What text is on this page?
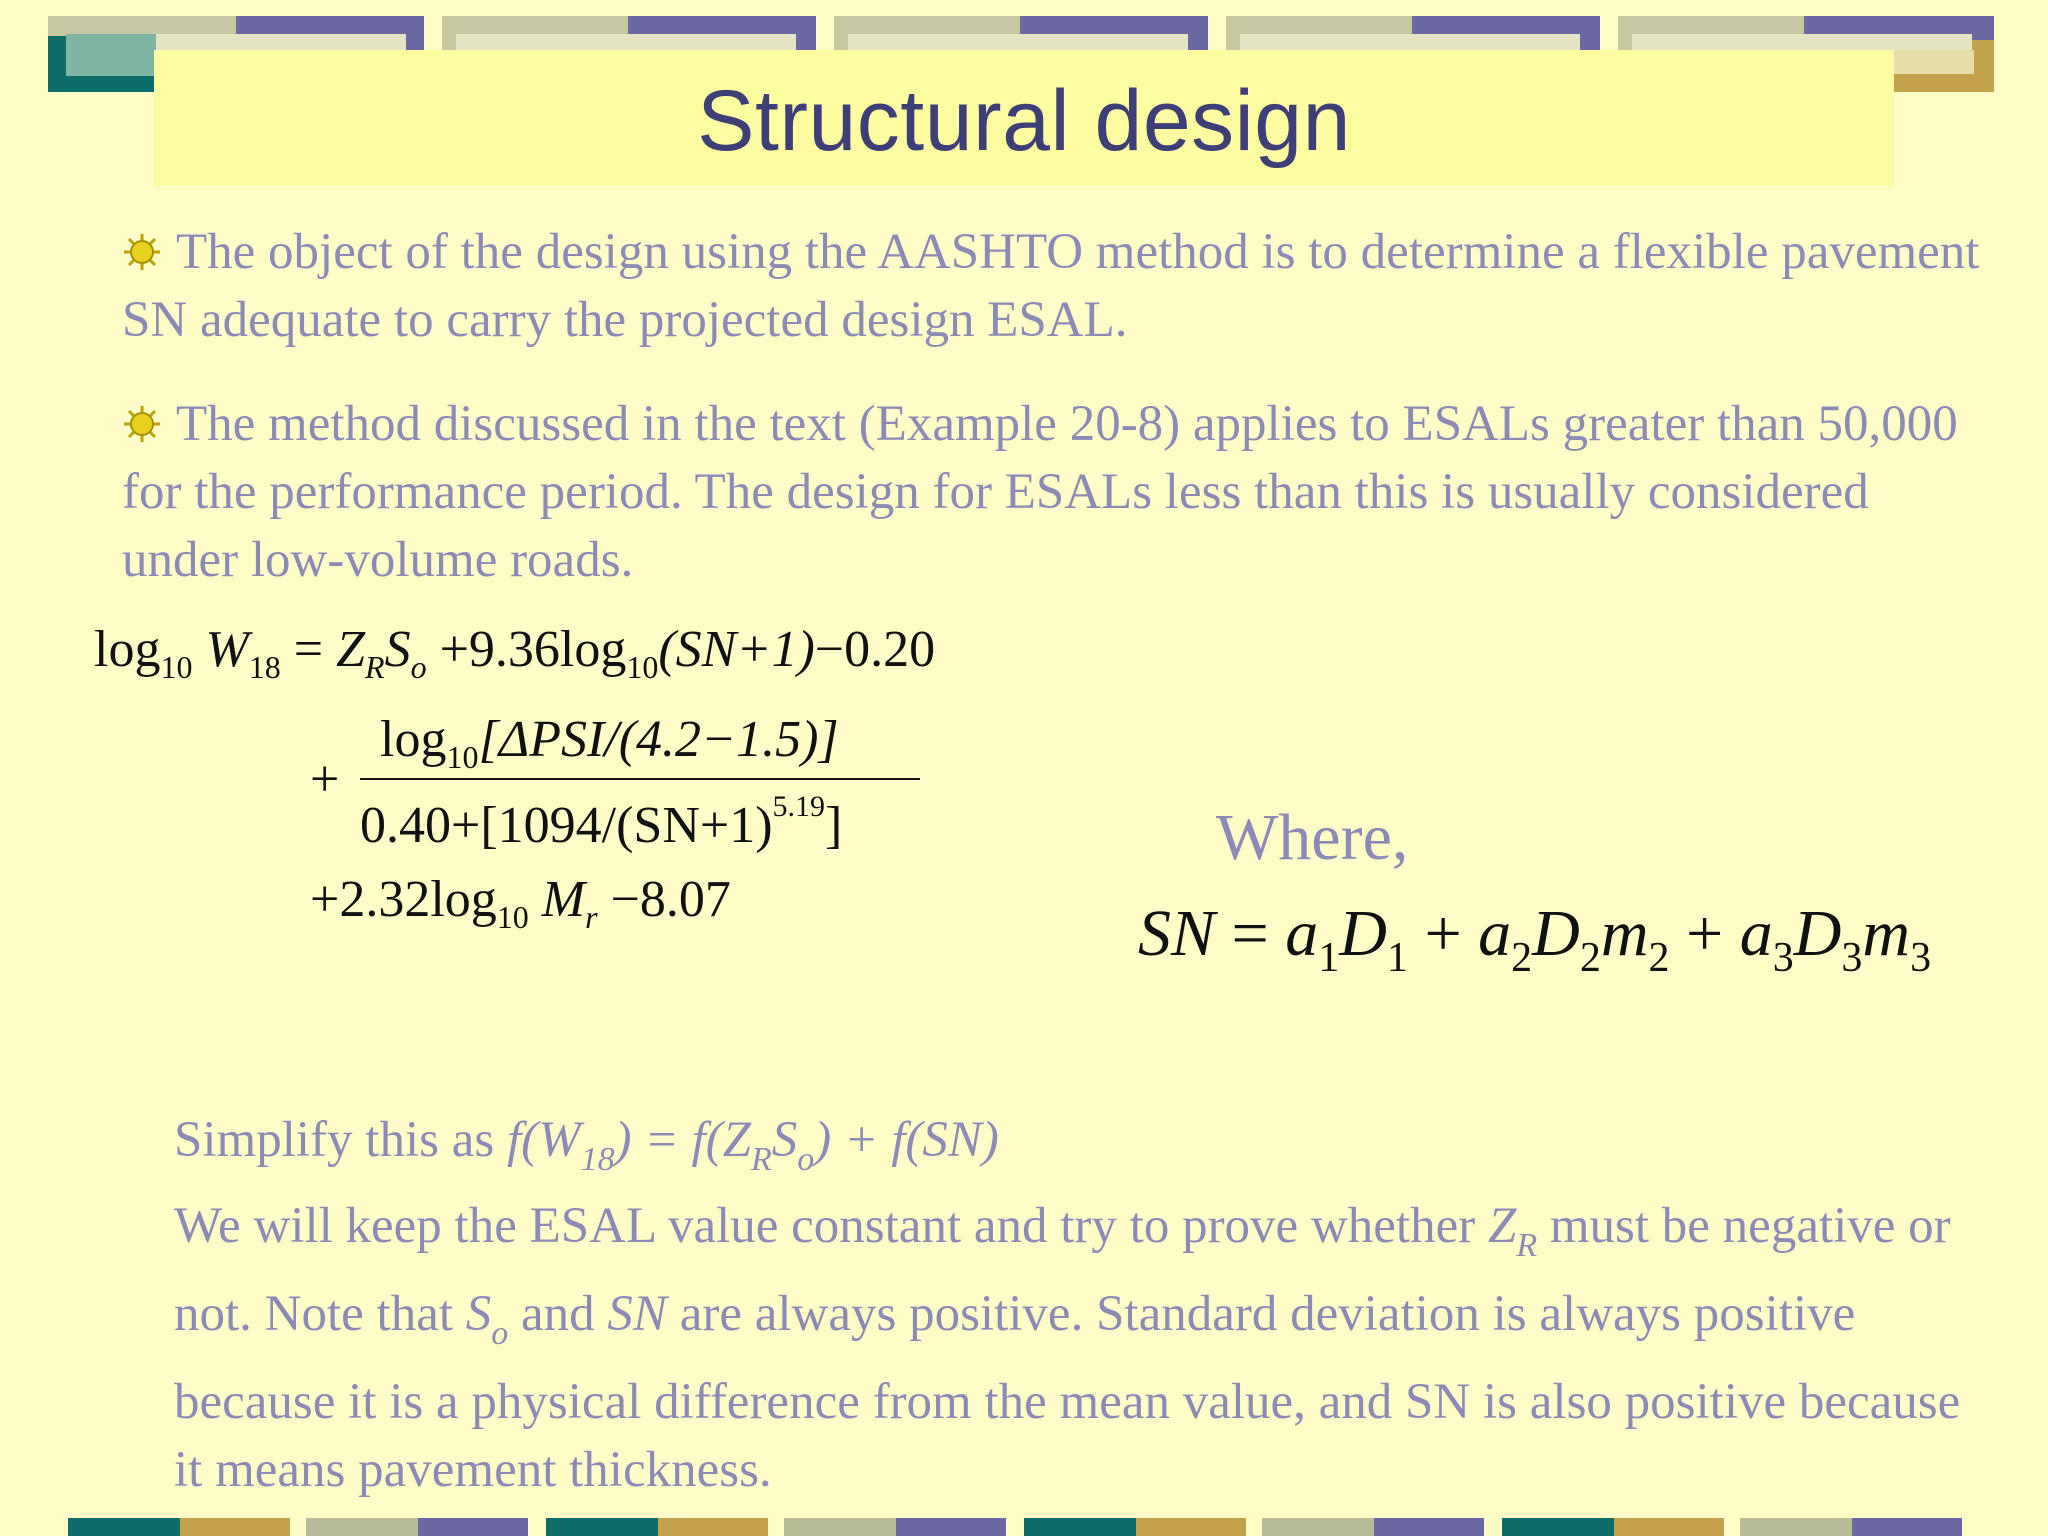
Structural design
The object of the design using the AASHTO method is to determine a flexible pavement SN adequate to carry the projected design ESAL.
The method discussed in the text (Example 20-8) applies to ESALs greater than 50,000 for the performance period. The design for ESALs less than this is usually considered under low-volume roads.
$\log_{10} W_{18} = Z_RS_o +9.36\log_{10}(SN+1)-0.20$
+
$\log_{10}[\Delta PSI/(4.2-1.5)]$
$0.40+[1094/(SN+1)^{5.19}]$
$+2.32\log_{10}$ $M_r -8.07$
Where,
SN = $a_1D_1 + a_2D_2m_2 + a_3D_3m_3$
Simplify this as $f(W_{18}) = f(Z_RS_o) + f(SN)$
We will keep the ESAL value constant and try to prove whether $Z_R$ must be negative or not. Note that $S_o$ and SN are always positive. Standard deviation is always positive because it is a physical difference from the mean value, and SN is also positive because it means pavement thickness.
